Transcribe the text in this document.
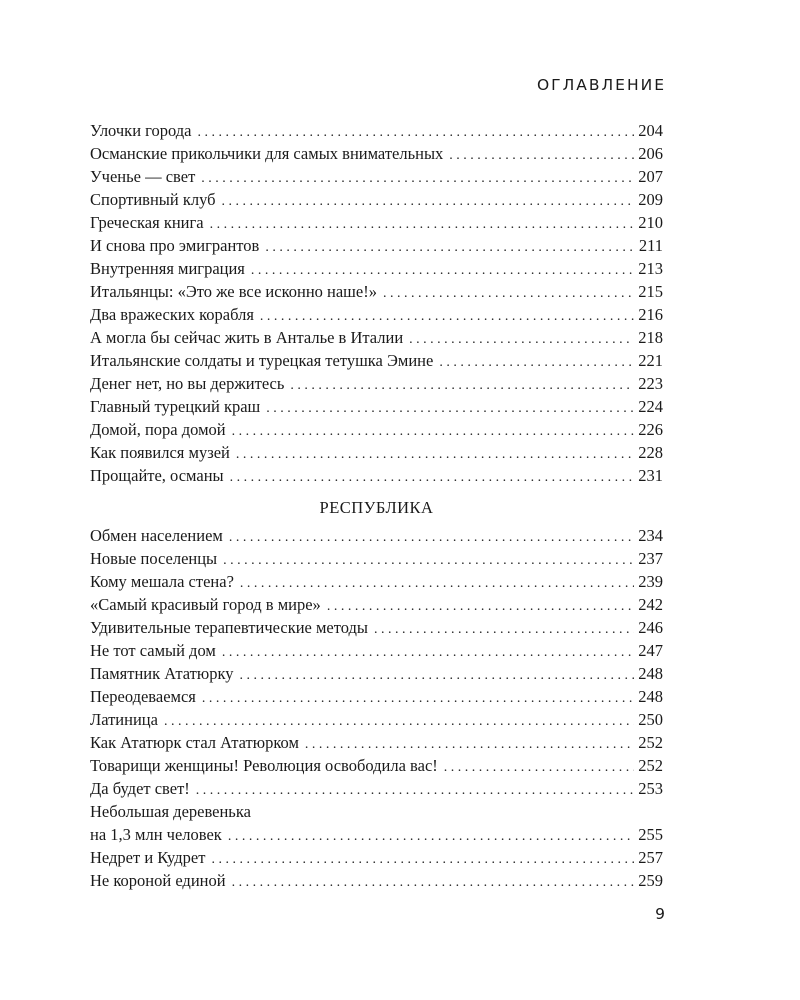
ОГЛАВЛЕНИЕ
Улочки города . . .	204
Османские прикольчики для самых внимательных . . .	206
Ученье — свет . . .	207
Спортивный клуб . . .	209
Греческая книга . . .	210
И снова про эмигрантов . . .	211
Внутренняя миграция . . .	213
Итальянцы: «Это же все исконно наше!» . . .	215
Два вражеских корабля . . .	216
А могла бы сейчас жить в Анталье в Италии . . .	218
Итальянские солдаты и турецкая тетушка Эмине . . .	221
Денег нет, но вы держитесь . . .	223
Главный турецкий краш . . .	224
Домой, пора домой . . .	226
Как появился музей . . .	228
Прощайте, османы . . .	231
РЕСПУБЛИКА
Обмен населением . . .	234
Новые поселенцы . . .	237
Кому мешала стена? . . .	239
«Самый красивый город в мире» . . .	242
Удивительные терапевтические методы . . .	246
Не тот самый дом . . .	247
Памятник Ататюрку . . .	248
Переодеваемся . . .	248
Латиница . . .	250
Как Ататюрк стал Ататюрком . . .	252
Товарищи женщины! Революция освободила вас! . . .	252
Да будет свет! . . .	253
Небольшая деревенька
на 1,3 млн человек . . .	255
Недрет и Кудрет . . .	257
Не короной единой . . .	259
9
